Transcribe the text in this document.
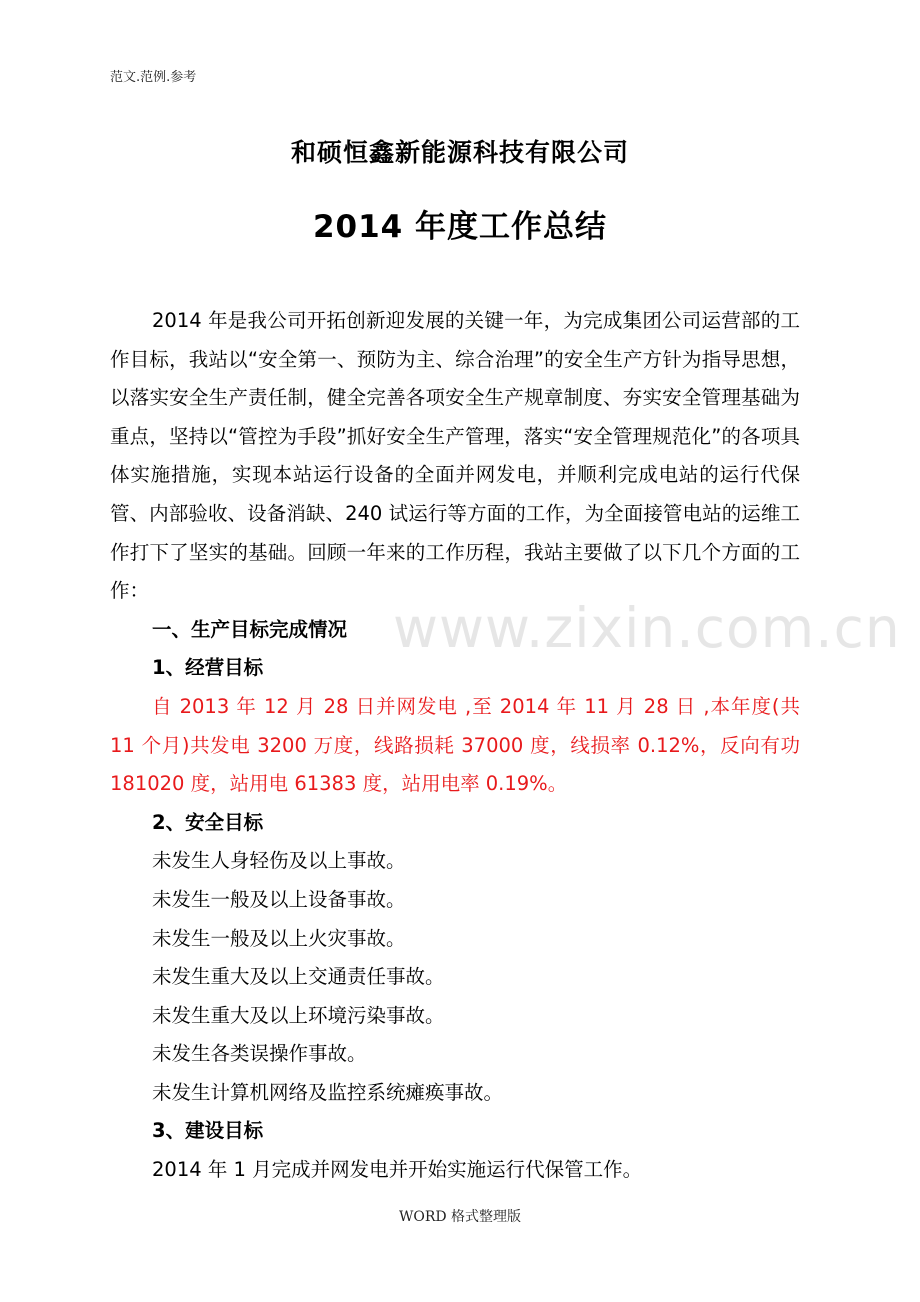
范文.范例.参考
和硕恒鑫新能源科技有限公司
2014 年度工作总结
www.zixin.com.cn

2014 年是我公司开拓创新迎发展的关键一年，为完成集团公司运营部的工作目标，我站以“安全第一、预防为主、综合治理”的安全生产方针为指导思想，以落实安全生产责任制，健全完善各项安全生产规章制度、夯实安全管理基础为重点，坚持以“管控为手段”抓好安全生产管理，落实“安全管理规范化”的各项具体实施措施，实现本站运行设备的全面并网发电，并顺利完成电站的运行代保管、内部验收、设备消缺、240 试运行等方面的工作，为全面接管电站的运维工作打下了坚实的基础。回顾一年来的工作历程，我站主要做了以下几个方面的工作：

一、生产目标完成情况

1、经营目标

自 2013 年 12 月 28 日并网发电 ,至 2014 年 11 月 28 日 ,本年度(共 11 个月)共发电 3200 万度，线路损耗 37000 度，线损率 0.12%，反向有功 181020 度，站用电 61383 度，站用电率 0.19%。

2、安全目标

未发生人身轻伤及以上事故。

未发生一般及以上设备事故。

未发生一般及以上火灾事故。

未发生重大及以上交通责任事故。

未发生重大及以上环境污染事故。

未发生各类误操作事故。

未发生计算机网络及监控系统瘫痪事故。

3、建设目标

2014 年 1 月完成并网发电并开始实施运行代保管工作。

WORD 格式整理版
